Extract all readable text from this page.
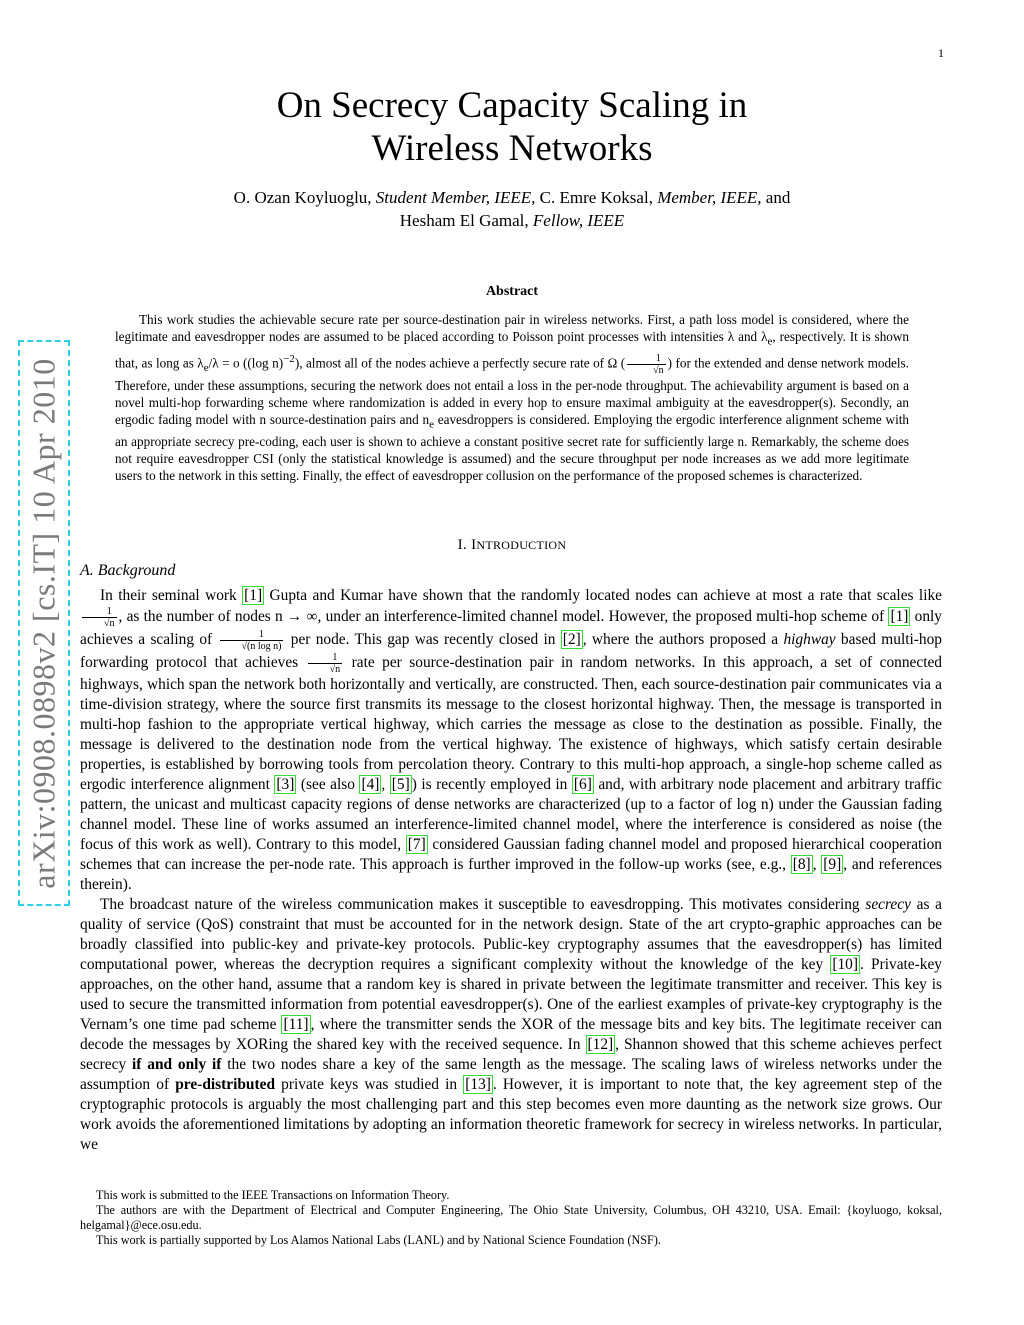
1
arXiv:0908.0898v2 [cs.IT] 10 Apr 2010
On Secrecy Capacity Scaling in
Wireless Networks
O. Ozan Koyluoglu, Student Member, IEEE, C. Emre Koksal, Member, IEEE, and
Hesham El Gamal, Fellow, IEEE
Abstract

This work studies the achievable secure rate per source-destination pair in wireless networks. First, a path loss model is considered, where the legitimate and eavesdropper nodes are assumed to be placed according to Poisson point processes with intensities λ and $\lambda_e$, respectively. It is shown that, as long as $\lambda_e/\lambda = o$ ((log n)$^{-2}$), almost all of the nodes achieve a perfectly secure rate of Ω ( $\frac{1}{√n}$ ) for the extended and dense network models. Therefore, under these assumptions, securing the network does not entail a loss in the per-node throughput. The achievability argument is based on a novel multi-hop forwarding scheme where randomization is added in every hop to ensure maximal ambiguity at the eavesdropper(s). Secondly, an ergodic fading model with n source-destination pairs and $n_e$ eavesdroppers is considered. Employing the ergodic interference alignment scheme with an appropriate secrecy pre-coding, each user is shown to achieve a constant positive secret rate for sufficiently large n. Remarkably, the scheme does not require eavesdropper CSI (only the statistical knowledge is assumed) and the secure throughput per node increases as we add more legitimate users to the network in this setting. Finally, the effect of eavesdropper collusion on the performance of the proposed schemes is characterized.

I. INTRODUCTION
A. Background

In their seminal work [1] Gupta and Kumar have shown that the randomly located nodes can achieve at most a rate that scales like
$\frac{1}{√n}$ , as the number of nodes n → ∞, under an interference-limited channel model. However, the proposed multi-hop scheme of [1] only achieves a scaling of $\frac{1}{\text{√(n log n)}}$ per node. This gap was recently closed in [2] , where the authors proposed a highway based multi-hop forwarding protocol that achieves $\frac{1}{√n}$ rate per source-destination pair in random networks. In this approach, a set of connected highways, which span the network both horizontally and vertically, are constructed. Then, each source-destination pair communicates via a time-division strategy, where the source first transmits its message to the closest horizontal highway. Then, the message is transported in multi-hop fashion to the appropriate vertical highway, which carries the message as close to the destination as possible. Finally, the message is delivered to the destination node from the vertical highway. The existence of highways, which satisfy certain desirable properties, is established by borrowing tools from percolation theory. Contrary to this multi-hop approach, a single-hop scheme called as ergodic interference alignment [3] (see also [4] , [5] ) is recently employed in [6] and, with arbitrary node placement and arbitrary traffic pattern, the unicast and multicast capacity regions of dense networks are characterized (up to a factor of log n) under the Gaussian fading channel model. These line of works assumed an interference-limited channel model, where the interference is considered as noise (the focus of this work as well). Contrary to this model, [7] considered Gaussian fading channel model and proposed hierarchical cooperation schemes that can increase the per-node rate. This approach is further improved in the follow-up works (see, e.g., [8] , [9] , and references therein).

The broadcast nature of the wireless communication makes it susceptible to eavesdropping. This motivates considering secrecy as a quality of service (QoS) constraint that must be accounted for in the network design. State of the art crypto-graphic approaches can be broadly classified into public-key and private-key protocols. Public-key cryptography assumes that the eavesdropper(s) has limited computational power, whereas the decryption requires a significant complexity without the knowledge of the key [10] . Private-key approaches, on the other hand, assume that a random key is shared in private between the legitimate transmitter and receiver. This key is used to secure the transmitted information from potential eavesdropper(s). One of the earliest examples of private-key cryptography is the Vernam’s one time pad scheme [11] , where the transmitter sends the XOR of the message bits and key bits. The legitimate receiver can decode the messages by XORing the shared key with the received sequence. In [12] , Shannon showed that this scheme achieves perfect secrecy if and only if the two nodes share a key of the same length as the message. The scaling laws of wireless networks under the assumption of pre-distributed private keys was studied in [13] . However, it is important to note that, the key agreement step of the cryptographic protocols is arguably the most challenging part and this step becomes even more daunting as the network size grows. Our work avoids the aforementioned limitations by adopting an information theoretic framework for secrecy in wireless networks. In particular, we

This work is submitted to the IEEE Transactions on Information Theory.

The authors are with the Department of Electrical and Computer Engineering, The Ohio State University, Columbus, OH 43210, USA. Email: {koyluogo, koksal, helgamal}@ece.osu.edu.

This work is partially supported by Los Alamos National Labs (LANL) and by National Science Foundation (NSF).
